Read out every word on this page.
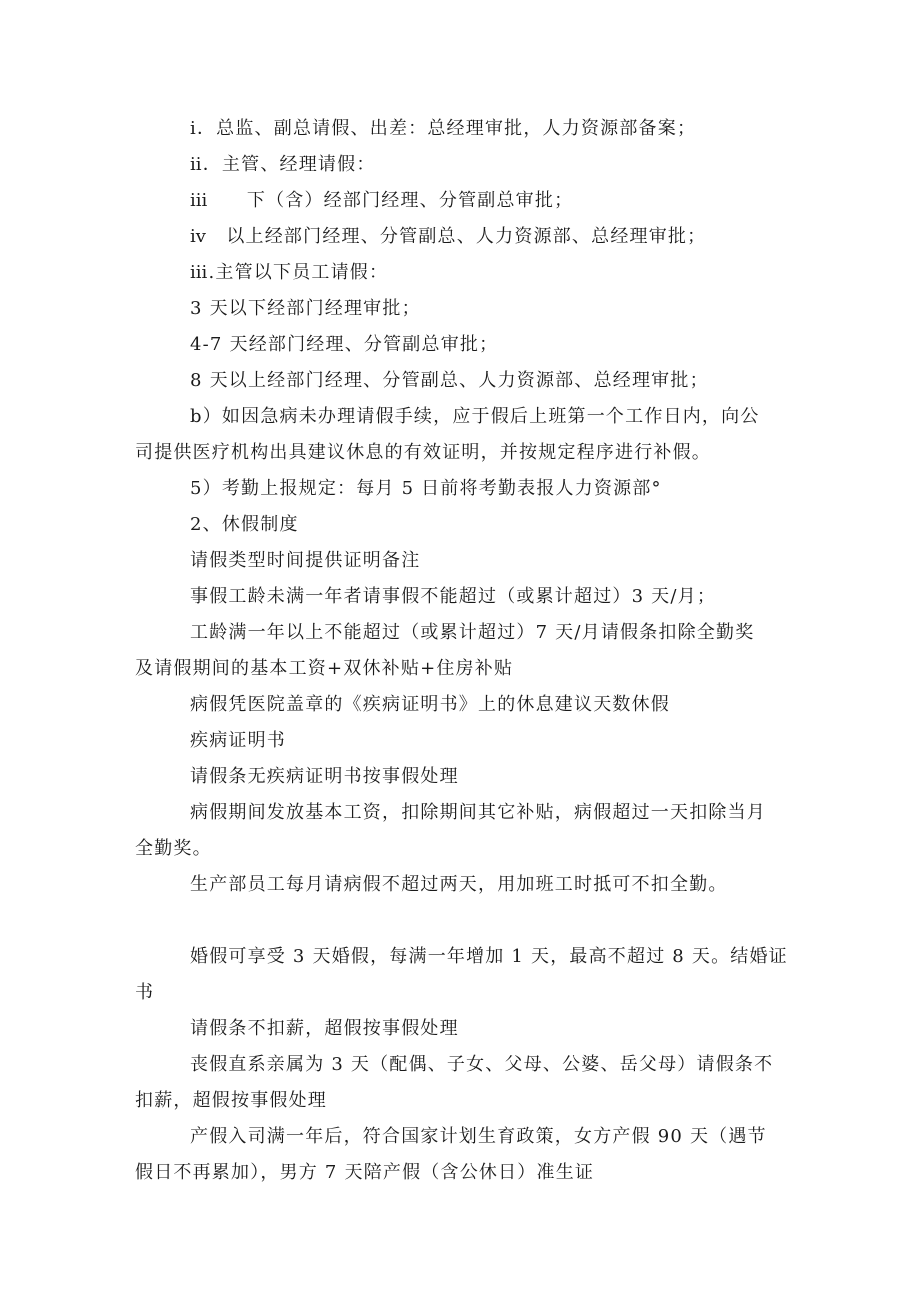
ⅰ．总监、副总请假、出差：总经理审批，人力资源部备案；
ⅱ．主管、经理请假：
ⅲ　　下（含）经部门经理、分管副总审批；
ⅳ　以上经部门经理、分管副总、人力资源部、总经理审批；
ⅲ.主管以下员工请假：
3 天以下经部门经理审批；
4-7 天经部门经理、分管副总审批；
8 天以上经部门经理、分管副总、人力资源部、总经理审批；
b）如因急病未办理请假手续，应于假后上班第一个工作日内，向公
司提供医疗机构出具建议休息的有效证明，并按规定程序进行补假。
5）考勤上报规定：每月 5 日前将考勤表报人力资源部°
2、休假制度
请假类型时间提供证明备注
事假工龄未满一年者请事假不能超过（或累计超过）3 天/月；
工龄满一年以上不能超过（或累计超过）7 天/月请假条扣除全勤奖
及请假期间的基本工资+双休补贴+住房补贴
病假凭医院盖章的《疾病证明书》上的休息建议天数休假
疾病证明书
请假条无疾病证明书按事假处理
病假期间发放基本工资，扣除期间其它补贴，病假超过一天扣除当月
全勤奖。
生产部员工每月请病假不超过两天，用加班工时抵可不扣全勤。
婚假可享受 3 天婚假，每满一年增加 1 天，最高不超过 8 天。结婚证
书
请假条不扣薪，超假按事假处理
丧假直系亲属为 3 天（配偶、子女、父母、公婆、岳父母）请假条不
扣薪，超假按事假处理
产假入司满一年后，符合国家计划生育政策，女方产假 90 天（遇节
假日不再累加），男方 7 天陪产假（含公休日）准生证
